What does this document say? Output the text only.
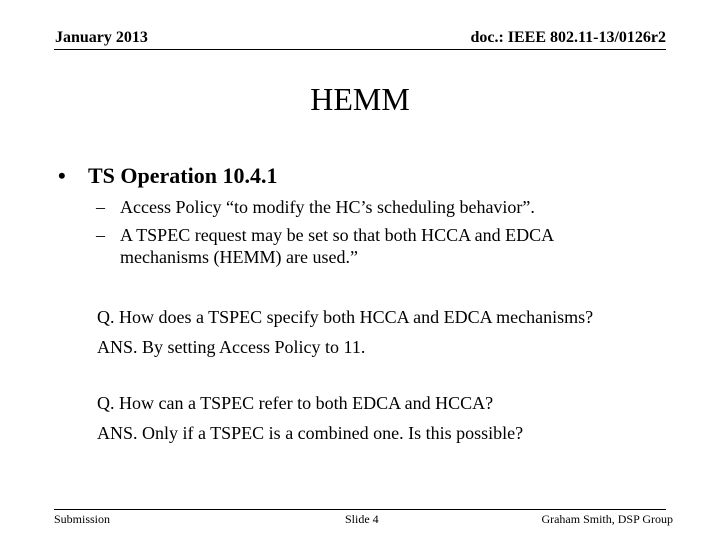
January 2013	doc.: IEEE 802.11-13/0126r2
HEMM
•	TS Operation 10.4.1
– Access Policy “to modify the HC’s scheduling behavior”.
– A TSPEC request may be set so that both HCCA and EDCA mechanisms (HEMM) are used.”
Q. How does a TSPEC specify both HCCA and EDCA mechanisms?
ANS. By setting Access Policy to 11.
Q. How can a TSPEC refer to both EDCA and HCCA?
ANS. Only if a TSPEC is a combined one. Is this possible?
Submission	Slide 4	Graham Smith, DSP Group
